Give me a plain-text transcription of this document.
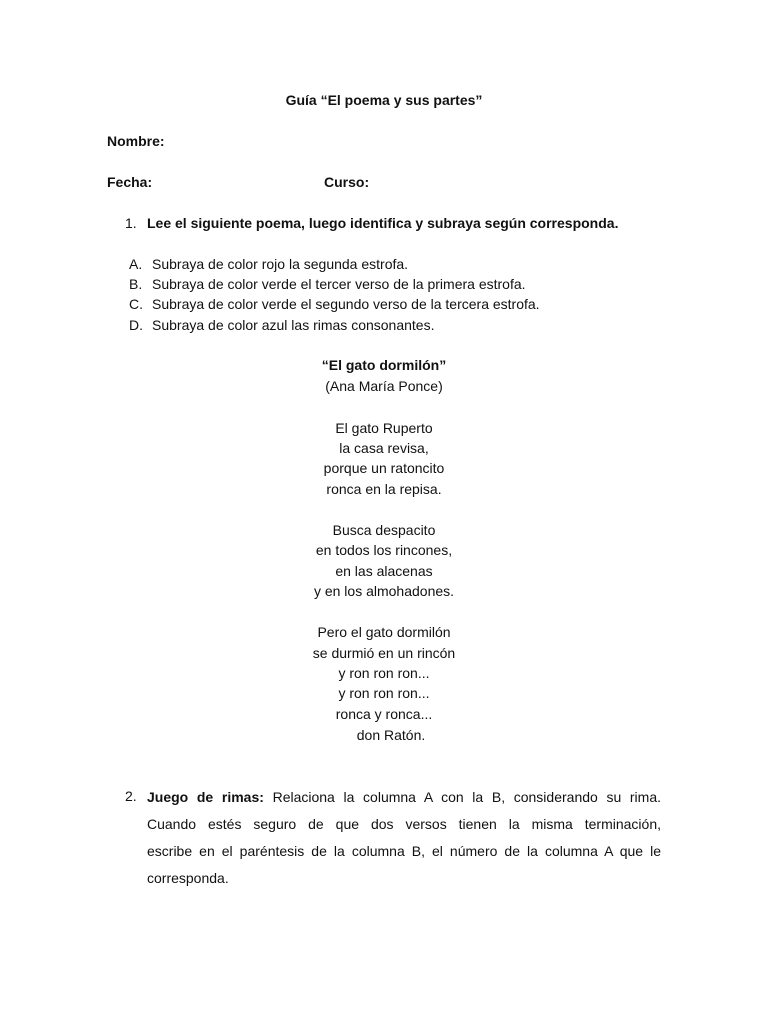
Guía “El poema y sus partes”
Nombre:
Fecha:	Curso:
1. Lee el siguiente poema, luego identifica y subraya según corresponda.
A. Subraya de color rojo la segunda estrofa.
B. Subraya de color verde el tercer verso de la primera estrofa.
C. Subraya de color verde el segundo verso de la tercera estrofa.
D. Subraya de color azul las rimas consonantes.
“El gato dormilón”
(Ana María Ponce)
El gato Ruperto
la casa revisa,
porque un ratoncito
ronca en la repisa.
Busca despacito
en todos los rincones,
en las alacenas
y en los almohadones.
Pero el gato dormilón
se durmió en un rincón
y ron ron ron...
y ron ron ron...
ronca y ronca...
don Ratón.
2. Juego de rimas: Relaciona la columna A con la B, considerando su rima.
Cuando estés seguro de que dos versos tienen la misma terminación,
escribe en el paréntesis de la columna B, el número de la columna A que le
corresponda.
